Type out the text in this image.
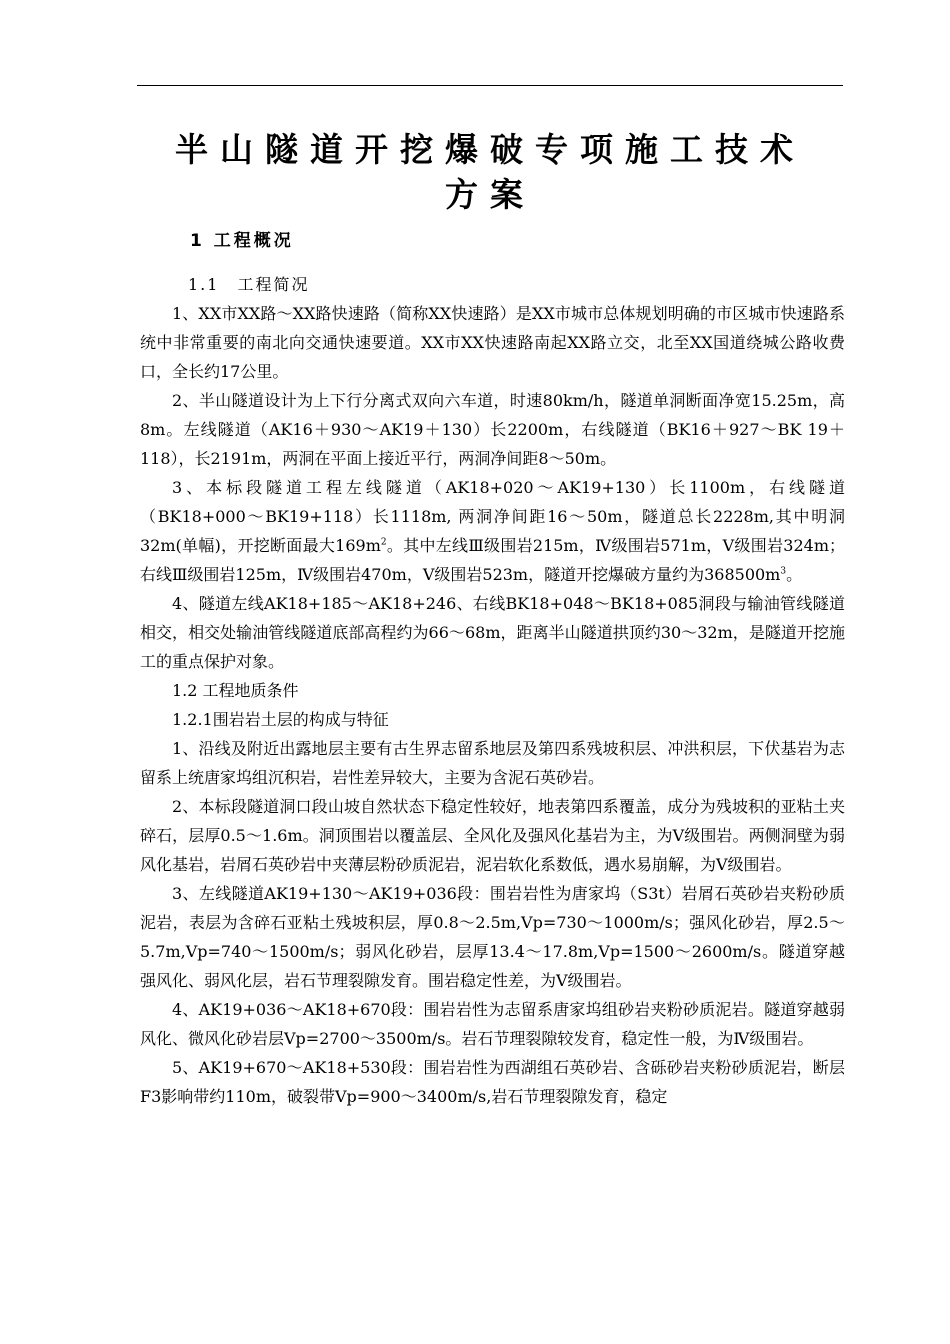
半山隧道开挖爆破专项施工技术
方案
1 工程概况

1.1　工程简况

1、XX市XX路～XX路快速路（简称XX快速路）是XX市城市总体规划明确的市区城市快速路系统中非常重要的南北向交通快速要道。XX市XX快速路南起XX路立交，北至XX国道绕城公路收费 口，全长约17公里。

2、半山隧道设计为上下行分离式双向六车道，时速80km/h，隧道单洞断面净宽15.25m，高8m。左线隧道（AK16＋930～AK19＋130）长2200m，右线隧道（BK16＋927～BK 19＋118），长2191m，两洞在平面上接近平行，两洞净间距8～50m。

3、本标段隧道工程左线隧道（AK18+020～AK19+130）长1100m，右线隧道（BK18+000～BK19+118）长1118m, 两洞净间距16～50m，隧道总长2228m,其中明洞32m(单幅)，开挖断面最大$169m^2$。其中左线Ⅲ级围岩215m，Ⅳ级围岩571m，Ⅴ级围岩324m；右线Ⅲ级围岩125m，Ⅳ级围岩470m，Ⅴ级围岩523m，隧道开挖爆破方量约为$368500m^3$。

4、隧道左线AK18+185～AK18+246、右线BK18+048～BK18+085洞段与输油管线隧道相交，相交处输油管线隧道底部高程约为66～68m，距离半山隧道拱顶约30～32m，是隧道开挖施工的重点保护对象。

1.2 工程地质条件

1.2.1围岩岩土层的构成与特征

1、沿线及附近出露地层主要有古生界志留系地层及第四系残坡积层、冲洪积层，下伏基岩为志留系上统唐家坞组沉积岩，岩性差异较大，主要为含泥石英砂岩。

2、本标段隧道洞口段山坡自然状态下稳定性较好，地表第四系覆盖，成分为残坡积的亚粘土夹碎石，层厚0.5～1.6m。洞顶围岩以覆盖层、全风化及强风化基岩为主，为Ⅴ级围岩。两侧洞壁为弱风化基岩，岩屑石英砂岩中夹薄层粉砂质泥岩，泥岩软化系数低，遇水易崩解，为Ⅴ级围岩。

3、左线隧道AK19+130～AK19+036段：围岩岩性为唐家坞（S3t）岩屑石英砂岩夹粉砂质泥岩，表层为含碎石亚粘土残坡积层，厚0.8～2.5m,Vp=730～1000m/s；强风化砂岩，厚2.5～5.7m,Vp=740～1500m/s；弱风化砂岩，层厚13.4～17.8m,Vp=1500～2600m/s。隧道穿越强风化、弱风化层，岩石节理裂隙发育。围岩稳定性差，为Ⅴ级围岩。

4、AK19+036～AK18+670段：围岩岩性为志留系唐家坞组砂岩夹粉砂质泥岩。隧道穿越弱风化、微风化砂岩层Vp=2700～3500m/s。岩石节理裂隙较发育，稳定性一般，为Ⅳ级围岩。

5、AK19+670～AK18+530段：围岩岩性为西湖组石英砂岩、含砾砂岩夹粉砂质泥岩，断层F3影响带约110m，破裂带Vp=900～3400m/s,岩石节理裂隙发育，稳定
